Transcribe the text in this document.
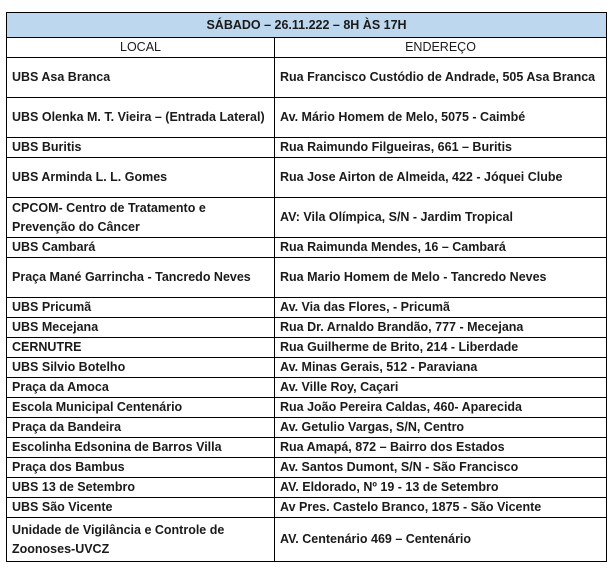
SÁBADO – 26.11.222 – 8H ÀS 17H	
LOCAL	ENDEREÇO
UBS Asa Branca	Rua Francisco Custódio de Andrade, 505 Asa Branca
UBS Olenka M. T. Vieira – (Entrada Lateral)	Av. Mário Homem de Melo, 5075 - Caimbé
UBS Buritis	Rua Raimundo Filgueiras, 661 – Buritis
UBS Arminda L. L. Gomes	Rua Jose Airton de Almeida, 422 - Jóquei Clube
CPCOM- Centro de Tratamento e Prevenção do Câncer	AV: Vila Olímpica, S/N - Jardim Tropical
UBS Cambará	Rua Raimunda Mendes, 16 – Cambará
Praça Mané Garrincha - Tancredo Neves	Rua Mario Homem de Melo - Tancredo Neves
UBS Pricumã	Av. Via das Flores, - Pricumã
UBS Mecejana	Rua Dr. Arnaldo Brandão, 777 - Mecejana
CERNUTRE	Rua Guilherme de Brito, 214 - Liberdade
UBS Silvio Botelho	Av. Minas Gerais, 512 - Paraviana
Praça da Amoca	Av. Ville Roy, Caçari
Escola Municipal Centenário	Rua João Pereira Caldas, 460- Aparecida
Praça da Bandeira	Av. Getulio Vargas, S/N, Centro
Escolinha Edsonina de Barros Villa	Rua Amapá, 872 – Bairro dos Estados
Praça dos Bambus	Av. Santos Dumont, S/N - São Francisco
UBS 13 de Setembro	AV. Eldorado, Nº 19 - 13 de Setembro
UBS São Vicente	Av Pres. Castelo Branco, 1875 - São Vicente
Unidade de Vigilância e Controle de Zoonoses-UVCZ	AV. Centenário 469 – Centenário
